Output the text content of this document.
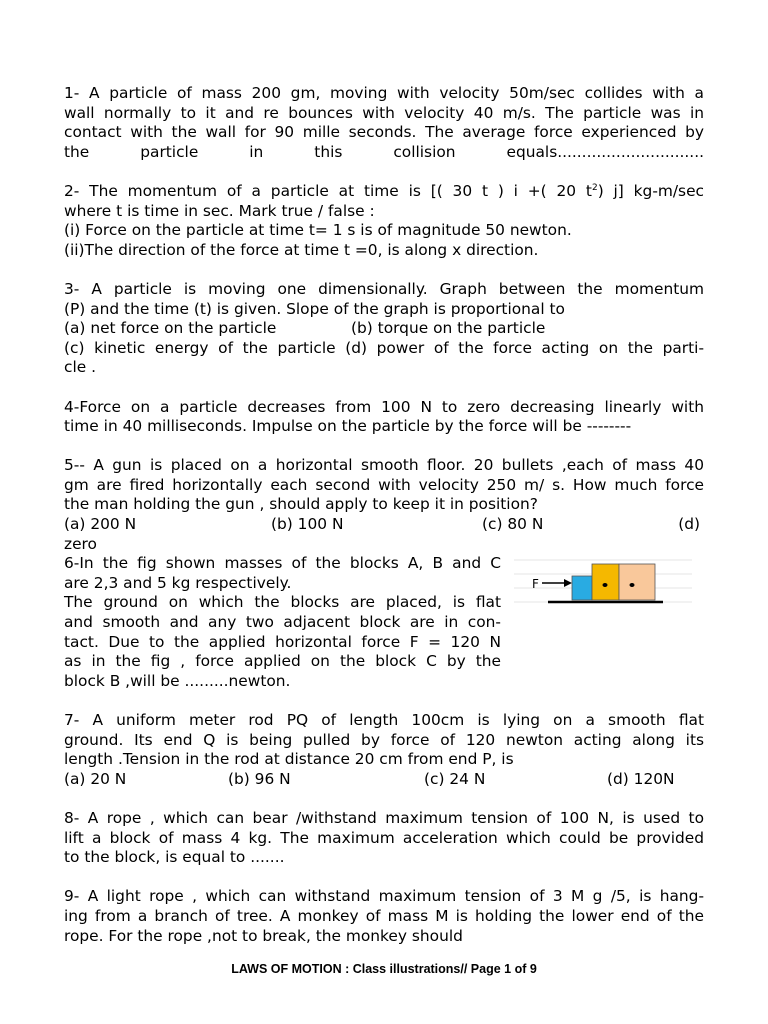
1- A particle of mass 200 gm, moving with velocity 50m/sec collides with a
wall normally to it and re bounces with velocity 40 m/s. The particle was in
contact with the wall for 90 mille seconds. The average force experienced by
the particle in this collision equals..............................
2- The momentum of a particle at time is [( 30 t ) i +( 20 $t^2$) j] kg-m/sec
where t is time in sec. Mark true / false :
(i) Force on the particle at time t= 1 s is of magnitude 50 newton.
(ii)The direction of the force at time t =0, is along x direction.
3- A particle is moving one dimensionally. Graph between the momentum
(P) and the time (t) is given. Slope of the graph is proportional to
(a) net force on the particle	(b) torque on the particle
(c) kinetic energy of the particle (d) power of the force acting on the parti-
cle .
4-Force on a particle decreases from 100 N to zero decreasing linearly with
time in 40 milliseconds. Impulse on the particle by the force will be --------
5-- A gun is placed on a horizontal smooth floor. 20 bullets ,each of mass 40
gm are fired horizontally each second with velocity 250 m/ s. How much force
the man holding the gun , should apply to keep it in position?
(a) 200 N	(b) 100 N	(c) 80 N	(d)
zero
6-In the fig shown masses of the blocks A, B and C
are 2,3 and 5 kg respectively.
The ground on which the blocks are placed, is flat
and smooth and any two adjacent block are in con-
tact. Due to the applied horizontal force F = 120 N
as in the fig , force applied on the block C by the
block B ,will be .........newton.
F
7- A uniform meter rod PQ of length 100cm is lying on a smooth flat
ground. Its end Q is being pulled by force of 120 newton acting along its
length .Tension in the rod at distance 20 cm from end P, is
(a) 20 N	(b) 96 N	(c) 24 N	(d) 120N
8- A rope , which can bear /withstand maximum tension of 100 N, is used to
lift a block of mass 4 kg. The maximum acceleration which could be provided
to the block, is equal to .......
9- A light rope , which can withstand maximum tension of 3 M g /5, is hang-
ing from a branch of tree. A monkey of mass M is holding the lower end of the
rope. For the rope ,not to break, the monkey should
LAWS OF MOTION : Class illustrations// Page 1 of 9
